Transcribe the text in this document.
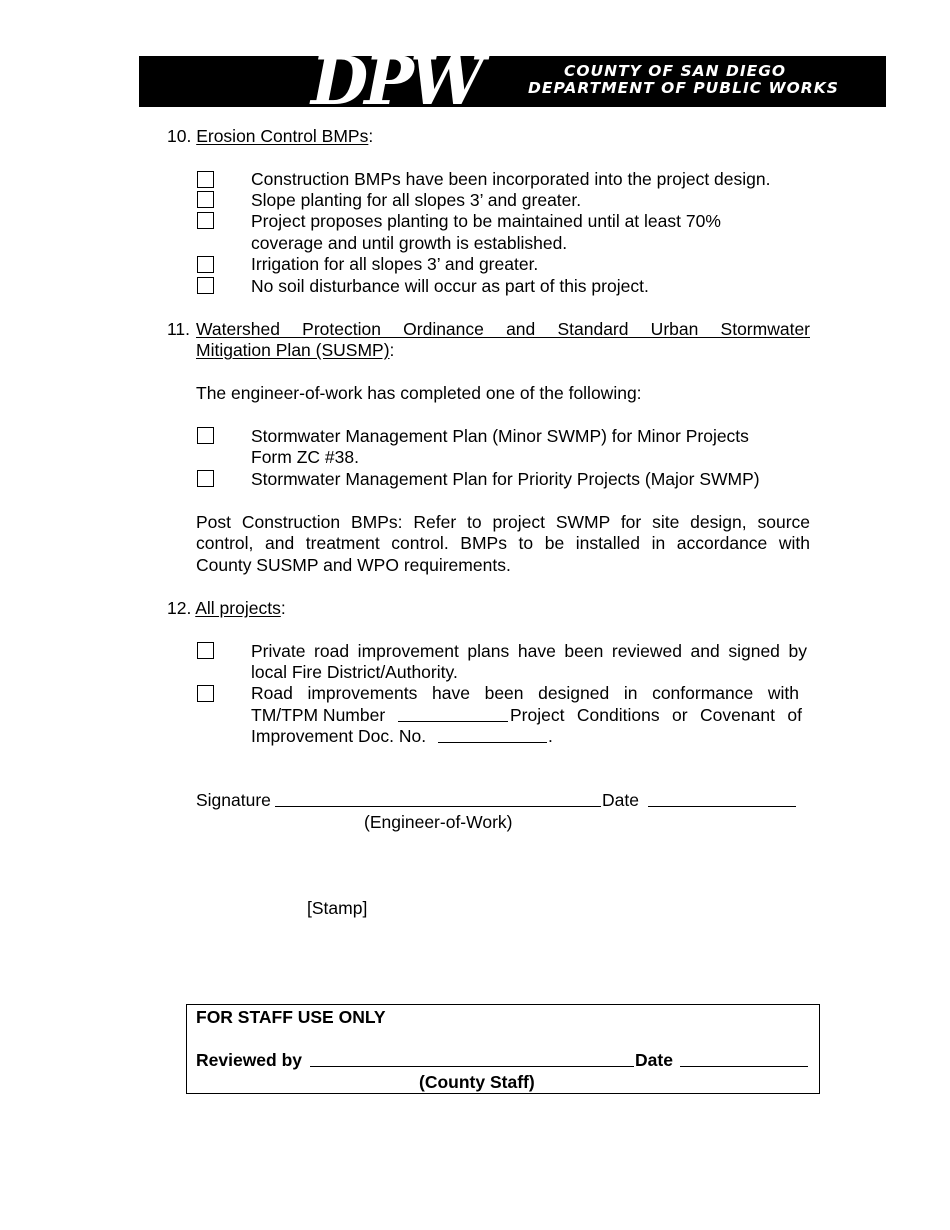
DPW	COUNTY OF SAN DIEGO
DEPARTMENT OF PUBLIC WORKS
10. Erosion Control BMPs:
Construction BMPs have been incorporated into the project design.
Slope planting for all slopes 3’ and greater.
Project proposes planting to be maintained until at least 70%
coverage and until growth is established.
Irrigation for all slopes 3’ and greater.
No soil disturbance will occur as part of this project.
11. Watershed Protection Ordinance and Standard Urban Stormwater
Mitigation Plan (SUSMP):
The engineer-of-work has completed one of the following:
Stormwater Management Plan (Minor SWMP) for Minor Projects
Form ZC #38.
Stormwater Management Plan for Priority Projects (Major SWMP)
Post Construction BMPs: Refer to project SWMP for site design, source
control, and treatment control. BMPs to be installed in accordance with
County SUSMP and WPO requirements.
12. All projects:
Private road improvement plans have been reviewed and signed by
local Fire District/Authority.
Road improvements have been designed in conformance with
TM/TPM Number	Project Conditions or Covenant of
Improvement Doc. No.	.
Signature	Date
(Engineer-of-Work)
[Stamp]
FOR STAFF USE ONLY
Reviewed by	Date
(County Staff)
